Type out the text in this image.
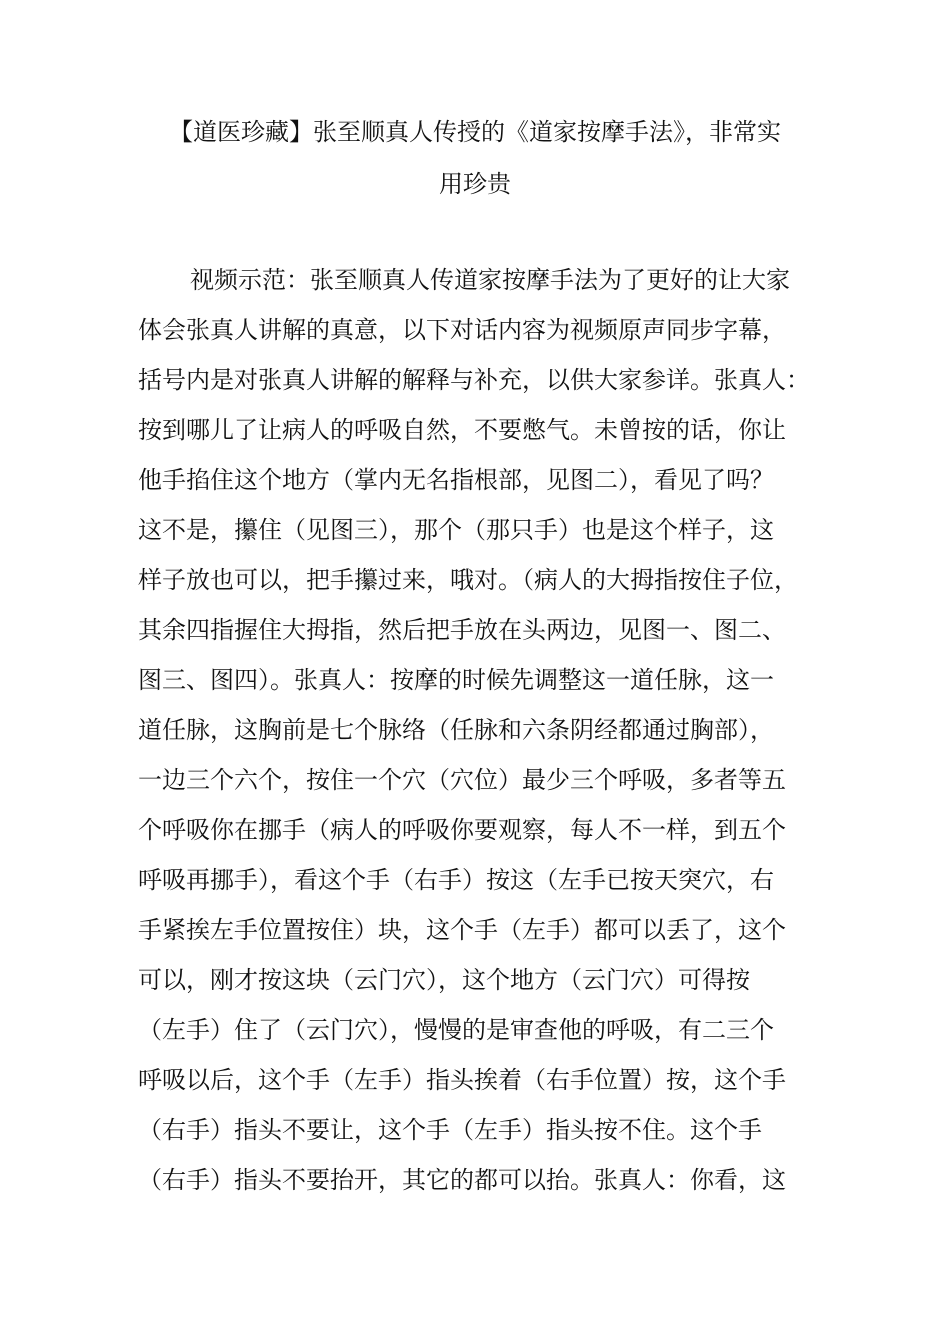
【道医珍藏】张至顺真人传授的《道家按摩手法》，非常实
用珍贵
视频示范：张至顺真人传道家按摩手法为了更好的让大家
体会张真人讲解的真意，以下对话内容为视频原声同步字幕，
括号内是对张真人讲解的解释与补充，以供大家参详。张真人：
按到哪儿了让病人的呼吸自然，不要憋气。未曾按的话，你让
他手掐住这个地方（掌内无名指根部，见图二），看见了吗？
这不是，攥住（见图三），那个（那只手）也是这个样子，这
样子放也可以，把手攥过来，哦对。（病人的大拇指按住子位，
其余四指握住大拇指，然后把手放在头两边，见图一、图二、
图三、图四）。张真人：按摩的时候先调整这一道任脉，这一
道任脉，这胸前是七个脉络（任脉和六条阴经都通过胸部），
一边三个六个，按住一个穴（穴位）最少三个呼吸，多者等五
个呼吸你在挪手（病人的呼吸你要观察，每人不一样，到五个
呼吸再挪手），看这个手（右手）按这（左手已按天突穴，右
手紧挨左手位置按住）块，这个手（左手）都可以丢了，这个
可以，刚才按这块（云门穴），这个地方（云门穴）可得按
（左手）住了（云门穴），慢慢的是审查他的呼吸，有二三个
呼吸以后，这个手（左手）指头挨着（右手位置）按，这个手
（右手）指头不要让，这个手（左手）指头按不住。这个手
（右手）指头不要抬开，其它的都可以抬。张真人：你看，这
